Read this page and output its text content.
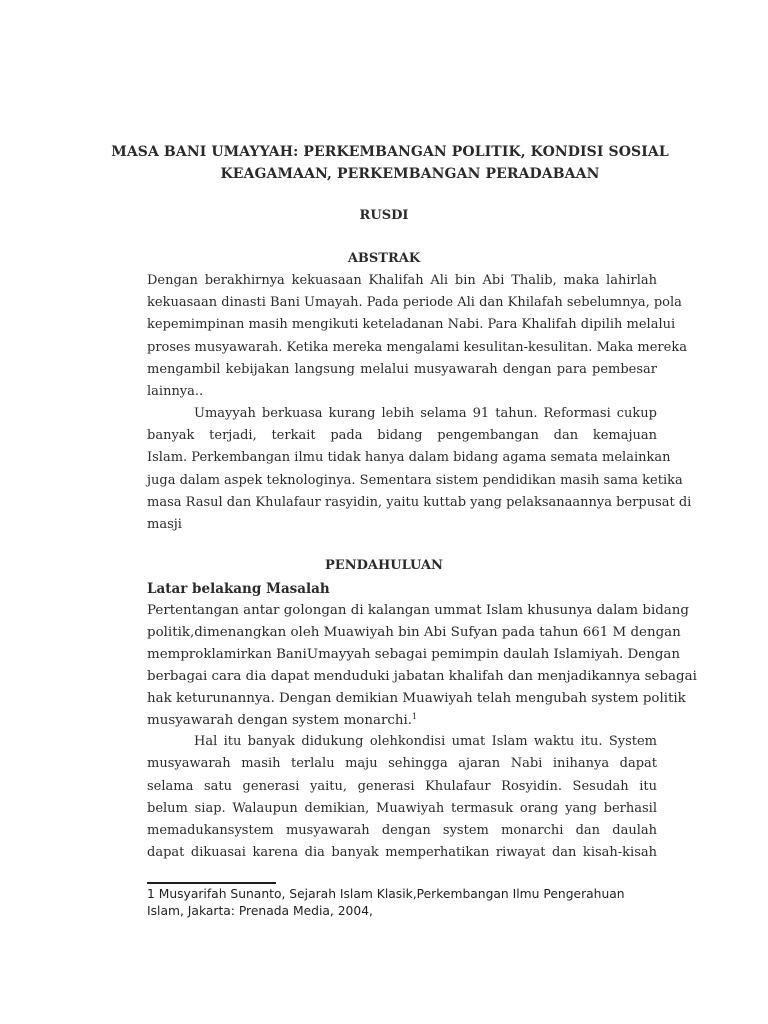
MASA BANI UMAYYAH: PERKEMBANGAN POLITIK, KONDISI SOSIAL
KEAGAMAAN, PERKEMBANGAN PERADABAAN
RUSDI
ABSTRAK
Dengan berakhirnya kekuasaan Khalifah Ali bin Abi Thalib, maka lahirlah
kekuasaan dinasti Bani Umayah. Pada periode Ali dan Khilafah sebelumnya, pola
kepemimpinan masih mengikuti keteladanan Nabi. Para Khalifah dipilih melalui
proses musyawarah. Ketika mereka mengalami kesulitan-kesulitan. Maka mereka
mengambil kebijakan langsung melalui musyawarah dengan para pembesar
lainnya..
Umayyah berkuasa kurang lebih selama 91 tahun. Reformasi cukup
banyak terjadi, terkait pada bidang pengembangan dan kemajuan
Islam. Perkembangan ilmu tidak hanya dalam bidang agama semata melainkan
juga dalam aspek teknologinya. Sementara sistem pendidikan masih sama ketika
masa Rasul dan Khulafaur rasyidin, yaitu kuttab yang pelaksanaannya berpusat di
masji
PENDAHULUAN
Latar belakang Masalah
Pertentangan antar golongan di kalangan ummat Islam khusunya dalam bidang
politik,dimenangkan oleh Muawiyah bin Abi Sufyan pada tahun 661 M dengan
memproklamirkan BaniUmayyah sebagai pemimpin daulah Islamiyah. Dengan
berbagai cara dia dapat menduduki jabatan khalifah dan menjadikannya sebagai
hak keturunannya. Dengan demikian Muawiyah telah mengubah system politik
musyawarah dengan system monarchi.$^1$
Hal itu banyak didukung olehkondisi umat Islam waktu itu. System
musyawarah masih terlalu maju sehingga ajaran Nabi inihanya dapat
selama satu generasi yaitu, generasi Khulafaur Rosyidin. Sesudah itu
belum siap. Walaupun demikian, Muawiyah termasuk orang yang berhasil
memadukansystem musyawarah dengan system monarchi dan daulah
dapat dikuasai karena dia banyak memperhatikan riwayat dan kisah-kisah
1 Musyarifah Sunanto, Sejarah Islam Klasik,Perkembangan Ilmu Pengerahuan
Islam, Jakarta: Prenada Media, 2004,
